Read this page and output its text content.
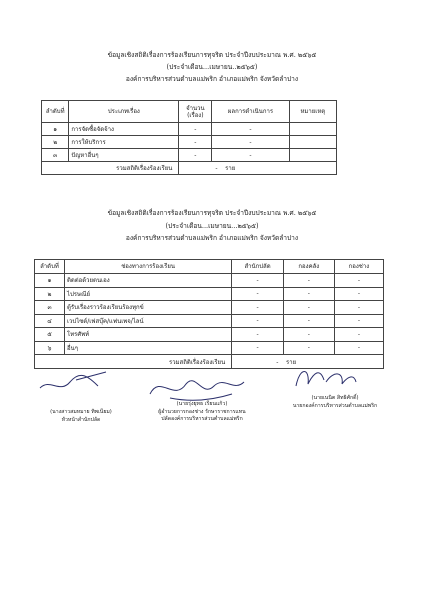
ข้อมูลเชิงสถิติเรื่องการร้องเรียนการทุจริต ประจำปีงบประมาณ พ.ศ. ๒๕๖๕
(ประจำเดือน...เมษายน..๒๕๖๕)
องค์การบริหารส่วนตำบลแม่พริก อำเภอแม่พริก จังหวัดลำปาง
ลำดับที่	ประเภทเรื่อง	จำนวน (เรื่อง)	ผลการดำเนินการ	หมายเหตุ
๑	การจัดซื้อจัดจ้าง	-	-	
๒	การให้บริการ	-	-	
๓	ปัญหาอื่นๆ	-	-	
รวมสถิติเรื่องร้องเรียน		- ราย		
ข้อมูลเชิงสถิติเรื่องการร้องเรียนการทุจริต ประจำปีงบประมาณ พ.ศ. ๒๕๖๕
(ประจำเดือน...เมษายน...๒๕๖๕)
องค์การบริหารส่วนตำบลแม่พริก อำเภอแม่พริก จังหวัดลำปาง
ลำดับที่	ช่องทางการร้องเรียน	สำนักปลัด	กองคลัง	กองช่าง
๑	ติดต่อด้วยตนเอง	-	-	-
๒	ไปรษณีย์	-	-	-
๓	ตู้รับเรื่องราวร้องเรียนร้องทุกข์	-	-	-
๔	เวปไซต์/เฟสบุ๊ค/แฟนเพจ/ไลน์	-	-	-
๕	โทรศัพท์	-	-	-
๖	อื่นๆ	-	-	-
รวมสถิติเรื่องร้องเรียน		- ราย		
(นางสาวสมหมาย ทิพเนียม)
หัวหน้าสำนักปลัด
(นายรุ่งยุทธ เรียนแก้ว)
ผู้อำนวยการกองช่าง รักษาราชการแทน
ปลัดองค์การบริหารส่วนตำบลแม่พริก
(นายเนนิต สิทธิศักดิ์)
นายกองค์การบริหารส่วนตำบลแม่พริก
